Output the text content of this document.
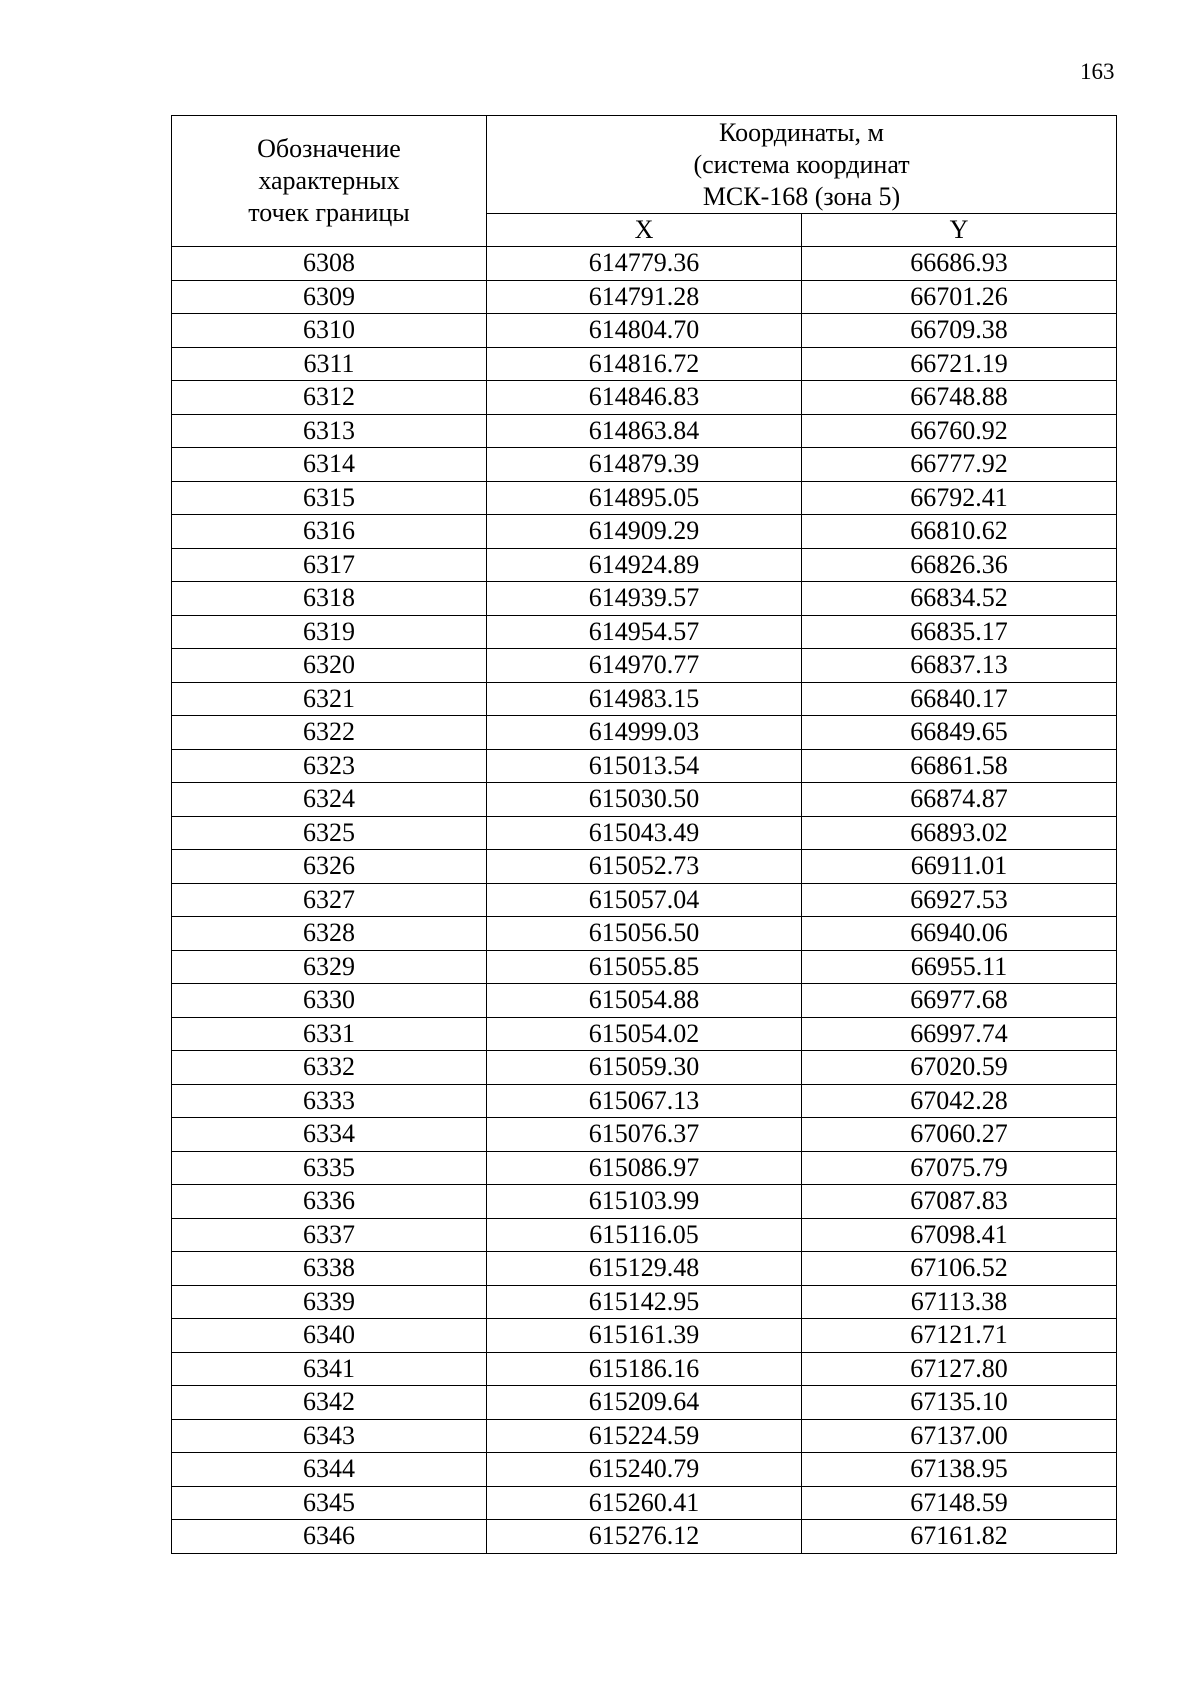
163
Обозначение
характерных
точек границы	Координаты, м
(система координат
МСК-168 (зона 5)	

	X	Y
6308	614779.36	66686.93
6309	614791.28	66701.26
6310	614804.70	66709.38
6311	614816.72	66721.19
6312	614846.83	66748.88
6313	614863.84	66760.92
6314	614879.39	66777.92
6315	614895.05	66792.41
6316	614909.29	66810.62
6317	614924.89	66826.36
6318	614939.57	66834.52
6319	614954.57	66835.17
6320	614970.77	66837.13
6321	614983.15	66840.17
6322	614999.03	66849.65
6323	615013.54	66861.58
6324	615030.50	66874.87
6325	615043.49	66893.02
6326	615052.73	66911.01
6327	615057.04	66927.53
6328	615056.50	66940.06
6329	615055.85	66955.11
6330	615054.88	66977.68
6331	615054.02	66997.74
6332	615059.30	67020.59
6333	615067.13	67042.28
6334	615076.37	67060.27
6335	615086.97	67075.79
6336	615103.99	67087.83
6337	615116.05	67098.41
6338	615129.48	67106.52
6339	615142.95	67113.38
6340	615161.39	67121.71
6341	615186.16	67127.80
6342	615209.64	67135.10
6343	615224.59	67137.00
6344	615240.79	67138.95
6345	615260.41	67148.59
6346	615276.12	67161.82
